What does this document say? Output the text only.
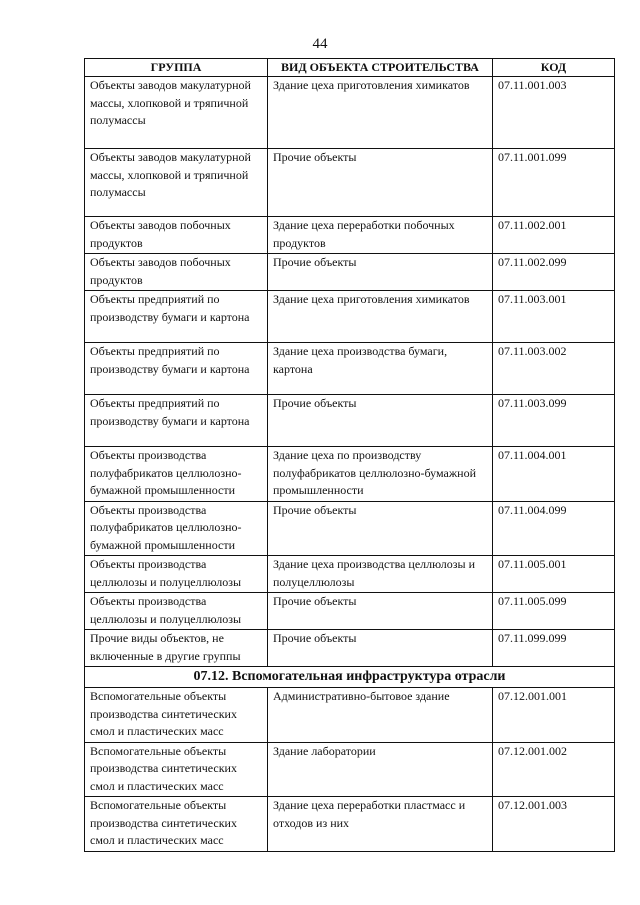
44
ГРУППА	ВИД ОБЪЕКТА СТРОИТЕЛЬСТВА	КОД
Объекты заводов макулатурной массы, хлопковой и тряпичной полумассы	Здание цеха приготовления химикатов	07.11.001.003
Объекты заводов макулатурной массы, хлопковой и тряпичной полумассы	Прочие объекты	07.11.001.099
Объекты заводов побочных продуктов	Здание цеха переработки побочных продуктов	07.11.002.001
Объекты заводов побочных продуктов	Прочие объекты	07.11.002.099
Объекты предприятий по производству бумаги и картона	Здание цеха приготовления химикатов	07.11.003.001
Объекты предприятий по производству бумаги и картона	Здание цеха производства бумаги, картона	07.11.003.002
Объекты предприятий по производству бумаги и картона	Прочие объекты	07.11.003.099
Объекты производства полуфабрикатов целлюлозно-бумажной промышленности	Здание цеха по производству полуфабрикатов целлюлозно-бумажной промышленности	07.11.004.001
Объекты производства полуфабрикатов целлюлозно-бумажной промышленности	Прочие объекты	07.11.004.099
Объекты производства целлюлозы и полуцеллюлозы	Здание цеха производства целлюлозы и полуцеллюлозы	07.11.005.001
Объекты производства целлюлозы и полуцеллюлозы	Прочие объекты	07.11.005.099
Прочие виды объектов, не включенные в другие группы	Прочие объекты	07.11.099.099
07.12. Вспомогательная инфраструктура отрасли		
Вспомогательные объекты производства синтетических смол и пластических масс	Административно-бытовое здание	07.12.001.001
Вспомогательные объекты производства синтетических смол и пластических масс	Здание лаборатории	07.12.001.002
Вспомогательные объекты производства синтетических смол и пластических масс	Здание цеха переработки пластмасс и отходов из них	07.12.001.003
